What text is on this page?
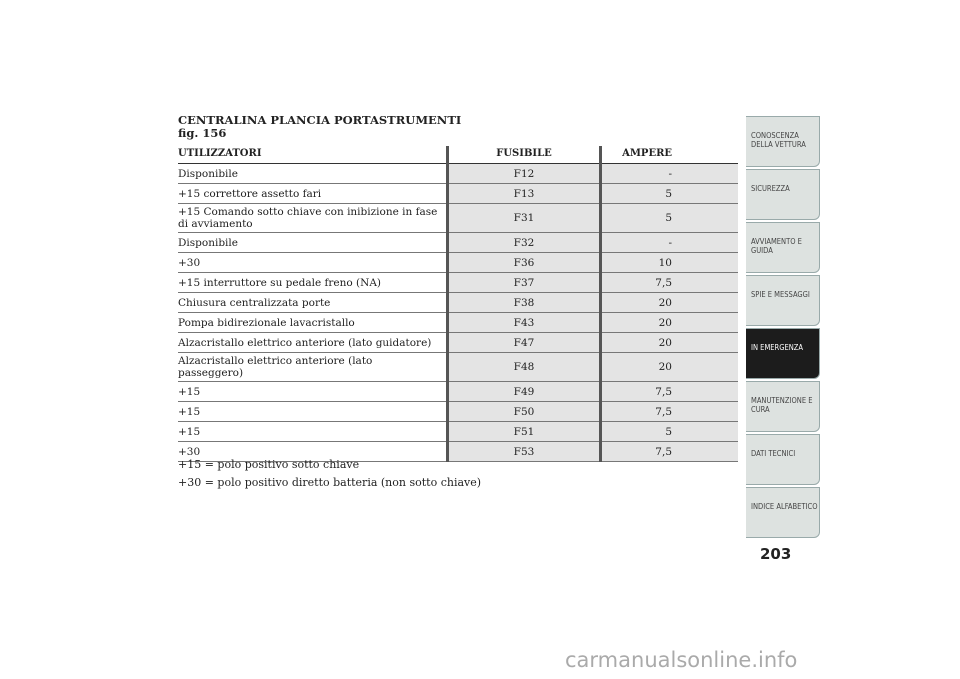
CENTRALINA PLANCIA PORTASTRUMENTI
fig. 156
UTILIZZATORI	FUSIBILE	AMPERE
Disponibile	F12	-
+15 correttore assetto fari	F13	5
+15 Comando sotto chiave con inibizione in fase di avviamento	F31	5
Disponibile	F32	-
+30	F36	10
+15 interruttore su pedale freno (NA)	F37	7,5
Chiusura centralizzata porte	F38	20
Pompa bidirezionale lavacristallo	F43	20
Alzacristallo elettrico anteriore (lato guidatore)	F47	20
Alzacristallo elettrico anteriore (lato passeggero)	F48	20
+15	F49	7,5
+15	F50	7,5
+15	F51	5
+30	F53	7,5
+15 = polo positivo sotto chiave
+30 = polo positivo diretto batteria (non sotto chiave)
CONOSCENZA DELLA VETTURA
SICUREZZA
AVVIAMENTO E GUIDA
SPIE E MESSAGGI
IN EMERGENZA
MANUTENZIONE E CURA
DATI TECNICI
INDICE ALFABETICO
203
carmanualsonline.info
